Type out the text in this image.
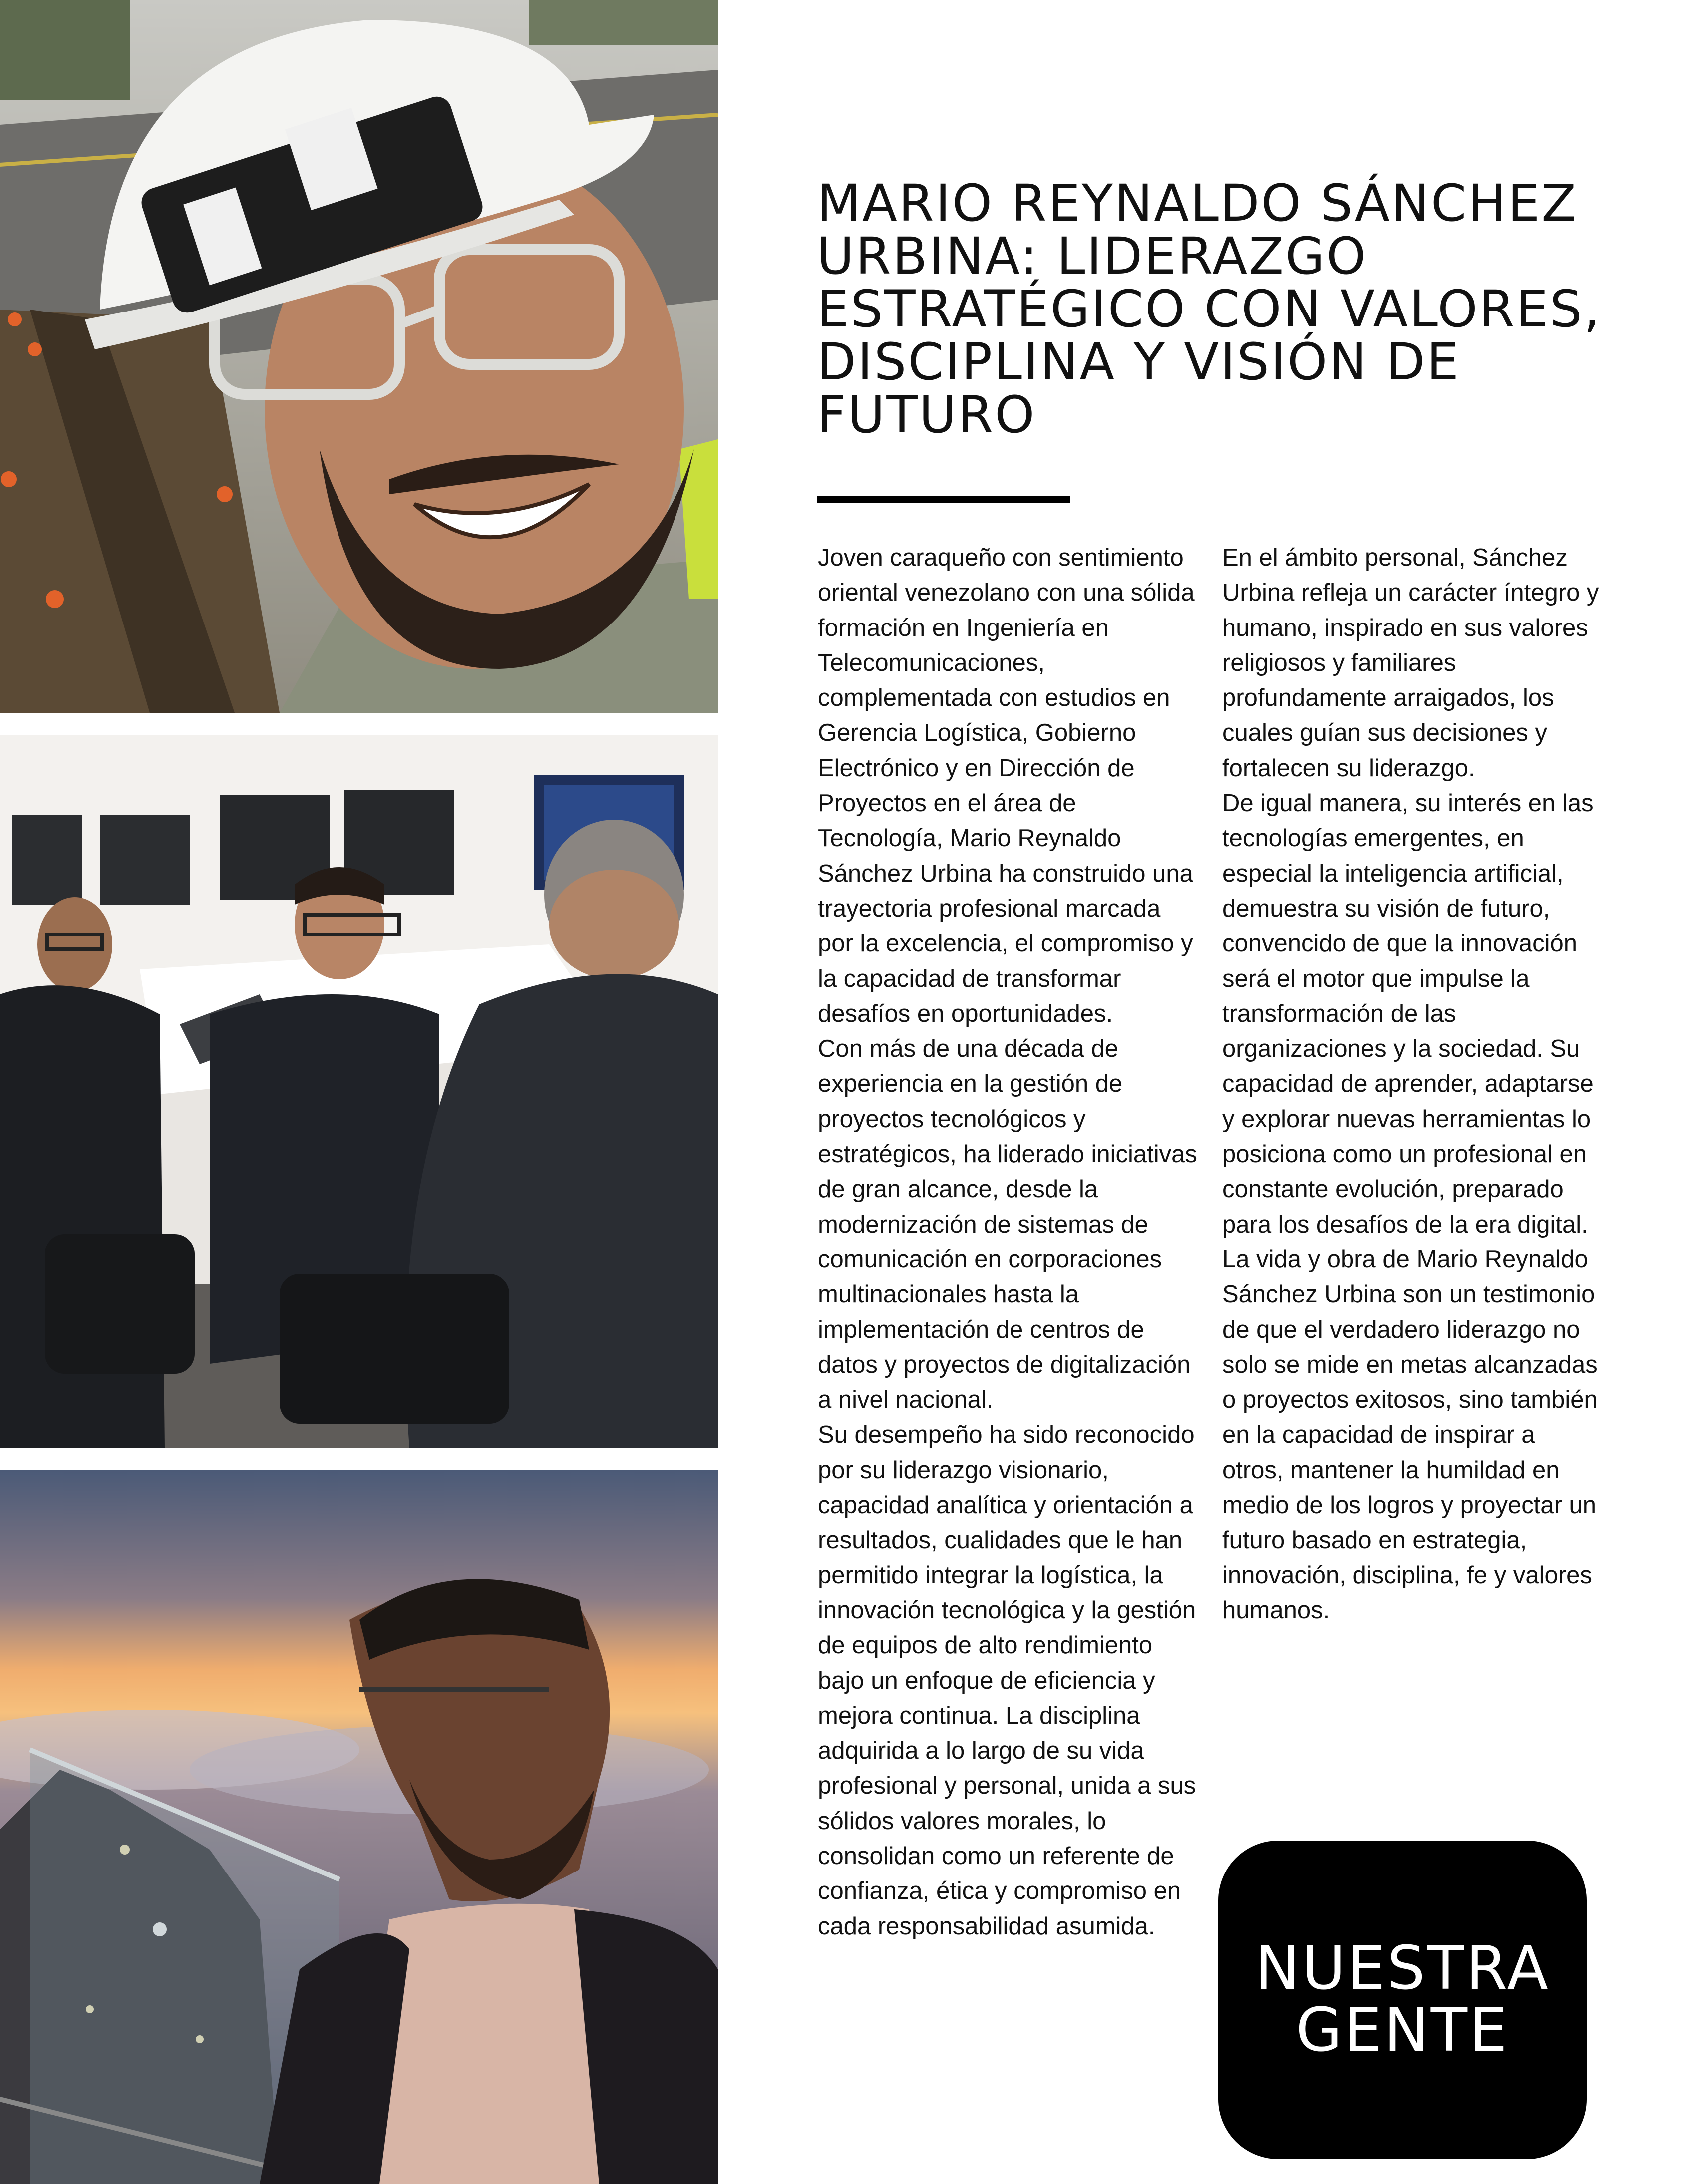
MARIO REYNALDO SÁNCHEZ URBINA: LIDERAZGO ESTRATÉGICO CON VALORES, DISCIPLINA Y VISIÓN DE FUTURO

Joven caraqueño con sentimiento oriental venezolano con una sólida formación en Ingeniería en Telecomunicaciones, complementada con estudios en Gerencia Logística, Gobierno Electrónico y en Dirección de Proyectos en el área de Tecnología, Mario Reynaldo Sánchez Urbina ha construido una trayectoria profesional marcada por la excelencia, el compromiso y la capacidad de transformar desafíos en oportunidades.

Con más de una década de experiencia en la gestión de proyectos tecnológicos y estratégicos, ha liderado iniciativas de gran alcance, desde la modernización de sistemas de comunicación en corporaciones multinacionales hasta la implementación de centros de datos y proyectos de digitalización a nivel nacional.

Su desempeño ha sido reconocido por su liderazgo visionario, capacidad analítica y orientación a resultados, cualidades que le han permitido integrar la logística, la innovación tecnológica y la gestión de equipos de alto rendimiento bajo un enfoque de eficiencia y mejora continua. La disciplina adquirida a lo largo de su vida profesional y personal, unida a sus sólidos valores morales, lo consolidan como un referente de confianza, ética y compromiso en cada responsabilidad asumida.

En el ámbito personal, Sánchez Urbina refleja un carácter íntegro y humano, inspirado en sus valores religiosos y familiares profundamente arraigados, los cuales guían sus decisiones y fortalecen su liderazgo.

De igual manera, su interés en las tecnologías emergentes, en especial la inteligencia artificial, demuestra su visión de futuro, convencido de que la innovación será el motor que impulse la transformación de las organizaciones y la sociedad. Su capacidad de aprender, adaptarse y explorar nuevas herramientas lo posiciona como un profesional en constante evolución, preparado para los desafíos de la era digital.

La vida y obra de Mario Reynaldo Sánchez Urbina son un testimonio de que el verdadero liderazgo no solo se mide en metas alcanzadas o proyectos exitosos, sino también en la capacidad de inspirar a otros, mantener la humildad en medio de los logros y proyectar un futuro basado en estrategia, innovación, disciplina, fe y valores humanos.

NUESTRA
GENTE
